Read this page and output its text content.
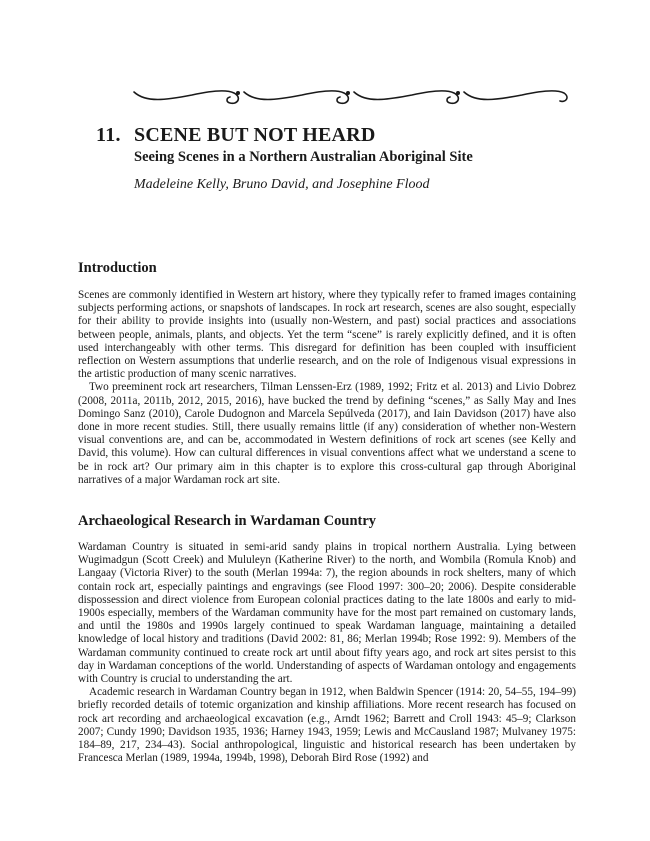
11. SCENE BUT NOT HEARD
Seeing Scenes in a Northern Australian Aboriginal Site
Madeleine Kelly, Bruno David, and Josephine Flood
Introduction

Scenes are commonly identified in Western art history, where they typically refer to framed images containing subjects performing actions, or snapshots of landscapes. In rock art research, scenes are also sought, especially for their ability to provide insights into (usually non-Western, and past) social practices and associations between people, animals, plants, and objects. Yet the term “scene” is rarely explicitly defined, and it is often used interchangeably with other terms. This disregard for definition has been coupled with insufficient reflection on Western assumptions that underlie research, and on the role of Indigenous visual expressions in the artistic production of many scenic narratives.

Two preeminent rock art researchers, Tilman Lenssen-Erz (1989, 1992; Fritz et al. 2013) and Livio Dobrez (2008, 2011a, 2011b, 2012, 2015, 2016), have bucked the trend by defining “scenes,” as Sally May and Ines Domingo Sanz (2010), Carole Dudognon and Marcela Sepúlveda (2017), and Iain Davidson (2017) have also done in more recent studies. Still, there usually remains little (if any) consideration of whether non-Western visual conventions are, and can be, accommodated in Western definitions of rock art scenes (see Kelly and David, this volume). How can cultural differences in visual conventions affect what we understand a scene to be in rock art? Our primary aim in this chapter is to explore this cross-cultural gap through Aboriginal narratives of a major Wardaman rock art site.

Archaeological Research in Wardaman Country

Wardaman Country is situated in semi-arid sandy plains in tropical northern Australia. Lying between Wugimadgun (Scott Creek) and Mululeyn (Katherine River) to the north, and Wombila (Romula Knob) and Langaay (Victoria River) to the south (Merlan 1994a: 7), the region abounds in rock shelters, many of which contain rock art, especially paintings and engravings (see Flood 1997: 300–20; 2006). Despite considerable dispossession and direct violence from European colonial practices dating to the late 1800s and early to mid-1900s especially, members of the Wardaman community have for the most part remained on customary lands, and until the 1980s and 1990s largely continued to speak Wardaman language, maintaining a detailed knowledge of local history and traditions (David 2002: 81, 86; Merlan 1994b; Rose 1992: 9). Members of the Wardaman community continued to create rock art until about fifty years ago, and rock art sites persist to this day in Wardaman conceptions of the world. Understanding of aspects of Wardaman ontology and engagements with Country is crucial to understanding the art.

Academic research in Wardaman Country began in 1912, when Baldwin Spencer (1914: 20, 54–55, 194–99) briefly recorded details of totemic organization and kinship affiliations. More recent research has focused on rock art recording and archaeological excavation (e.g., Arndt 1962; Barrett and Croll 1943: 45–9; Clarkson 2007; Cundy 1990; Davidson 1935, 1936; Harney 1943, 1959; Lewis and McCausland 1987; Mulvaney 1975: 184–89, 217, 234–43). Social anthropological, linguistic and historical research has been undertaken by Francesca Merlan (1989, 1994a, 1994b, 1998), Deborah Bird Rose (1992) and
